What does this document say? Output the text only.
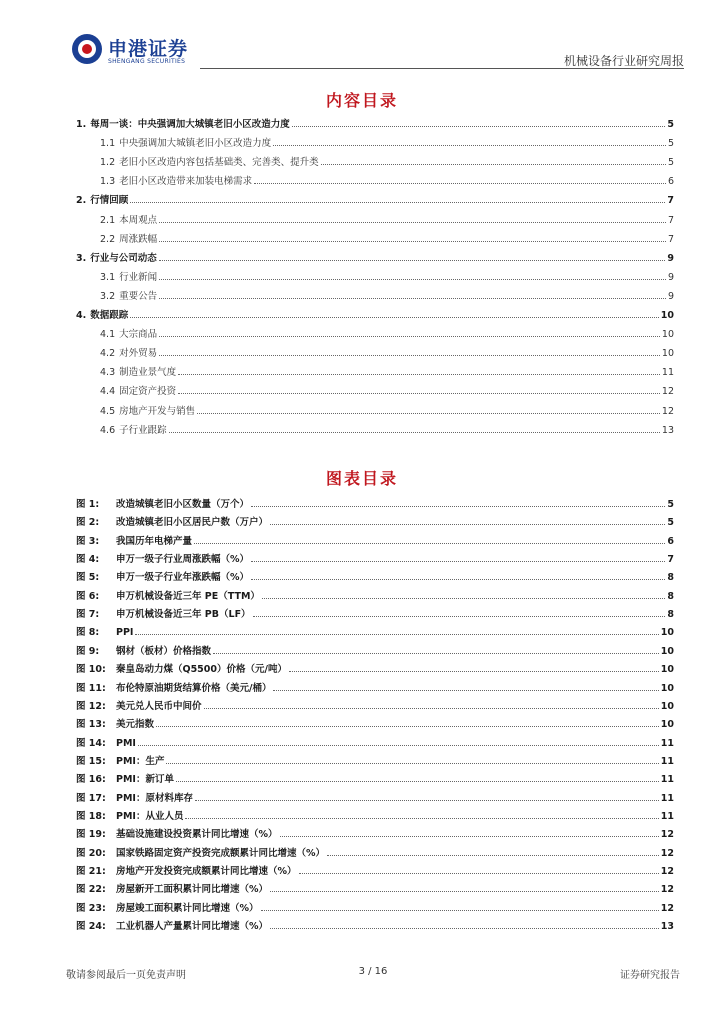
申港证券
SHENGANG SECURITIES	机械设备行业研究周报
内容目录
1. 每周一谈：中央强调加大城镇老旧小区改造力度	5
1.1 中央强调加大城镇老旧小区改造力度	5
1.2 老旧小区改造内容包括基础类、完善类、提升类	5
1.3 老旧小区改造带来加装电梯需求	6
2. 行情回顾	7
2.1 本周观点	7
2.2 周涨跌幅	7
3. 行业与公司动态	9
3.1 行业新闻	9
3.2 重要公告	9
4. 数据跟踪	10
4.1 大宗商品	10
4.2 对外贸易	10
4.3 制造业景气度	11
4.4 固定资产投资	12
4.5 房地产开发与销售	12
4.6 子行业跟踪	13
图表目录
图 1:	改造城镇老旧小区数量（万个）	5
图 2:	改造城镇老旧小区居民户数（万户）	5
图 3:	我国历年电梯产量	6
图 4:	申万一级子行业周涨跌幅（%）	7
图 5:	申万一级子行业年涨跌幅（%）	8
图 6:	申万机械设备近三年 PE（TTM）	8
图 7:	申万机械设备近三年 PB（LF）	8
图 8:	PPI	10
图 9:	钢材（板材）价格指数	10
图 10:	秦皇岛动力煤（Q5500）价格（元/吨）	10
图 11:	布伦特原油期货结算价格（美元/桶）	10
图 12:	美元兑人民币中间价	10
图 13:	美元指数	10
图 14:	PMI	11
图 15:	PMI：生产	11
图 16:	PMI：新订单	11
图 17:	PMI：原材料库存	11
图 18:	PMI：从业人员	11
图 19:	基础设施建设投资累计同比增速（%）	12
图 20:	国家铁路固定资产投资完成额累计同比增速（%）	12
图 21:	房地产开发投资完成额累计同比增速（%）	12
图 22:	房屋新开工面积累计同比增速（%）	12
图 23:	房屋竣工面积累计同比增速（%）	12
图 24:	工业机器人产量累计同比增速（%）	13
敬请参阅最后一页免责声明	3 / 16	证券研究报告
